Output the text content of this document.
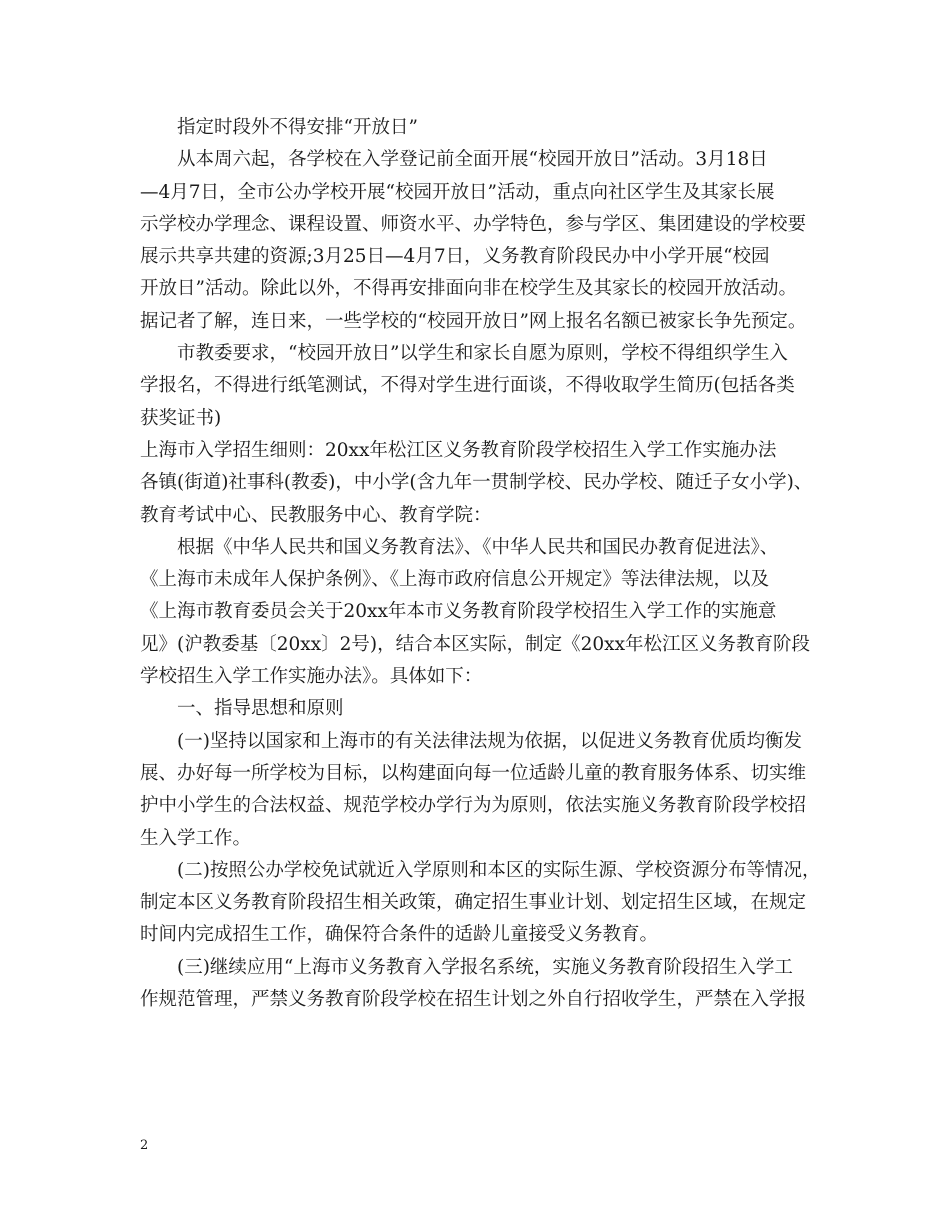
指定时段外不得安排“开放日”

从本周六起，各学校在入学登记前全面开展“校园开放日”活动。3月18日

—4月7日，全市公办学校开展“校园开放日”活动，重点向社区学生及其家长展

示学校办学理念、课程设置、师资水平、办学特色，参与学区、集团建设的学校要

展示共享共建的资源;3月25日—4月7日，义务教育阶段民办中小学开展“校园

开放日”活动。除此以外，不得再安排面向非在校学生及其家长的校园开放活动。

据记者了解，连日来，一些学校的“校园开放日”网上报名名额已被家长争先预定。

市教委要求，“校园开放日”以学生和家长自愿为原则，学校不得组织学生入

学报名，不得进行纸笔测试，不得对学生进行面谈，不得收取学生简历(包括各类

获奖证书)

上海市入学招生细则：20xx年松江区义务教育阶段学校招生入学工作实施办法

各镇(街道)社事科(教委)，中小学(含九年一贯制学校、民办学校、随迁子女小学)、

教育考试中心、民教服务中心、教育学院：

根据《中华人民共和国义务教育法》、《中华人民共和国民办教育促进法》、

《上海市未成年人保护条例》、《上海市政府信息公开规定》等法律法规，以及

《上海市教育委员会关于20xx年本市义务教育阶段学校招生入学工作的实施意

见》(沪教委基〔20xx〕2号)，结合本区实际，制定《20xx年松江区义务教育阶段

学校招生入学工作实施办法》。具体如下：

一、指导思想和原则

(一)坚持以国家和上海市的有关法律法规为依据，以促进义务教育优质均衡发

展、办好每一所学校为目标，以构建面向每一位适龄儿童的教育服务体系、切实维

护中小学生的合法权益、规范学校办学行为为原则，依法实施义务教育阶段学校招

生入学工作。

(二)按照公办学校免试就近入学原则和本区的实际生源、学校资源分布等情况，

制定本区义务教育阶段招生相关政策，确定招生事业计划、划定招生区域，在规定

时间内完成招生工作，确保符合条件的适龄儿童接受义务教育。

(三)继续应用“上海市义务教育入学报名系统，实施义务教育阶段招生入学工

作规范管理，严禁义务教育阶段学校在招生计划之外自行招收学生，严禁在入学报

2
